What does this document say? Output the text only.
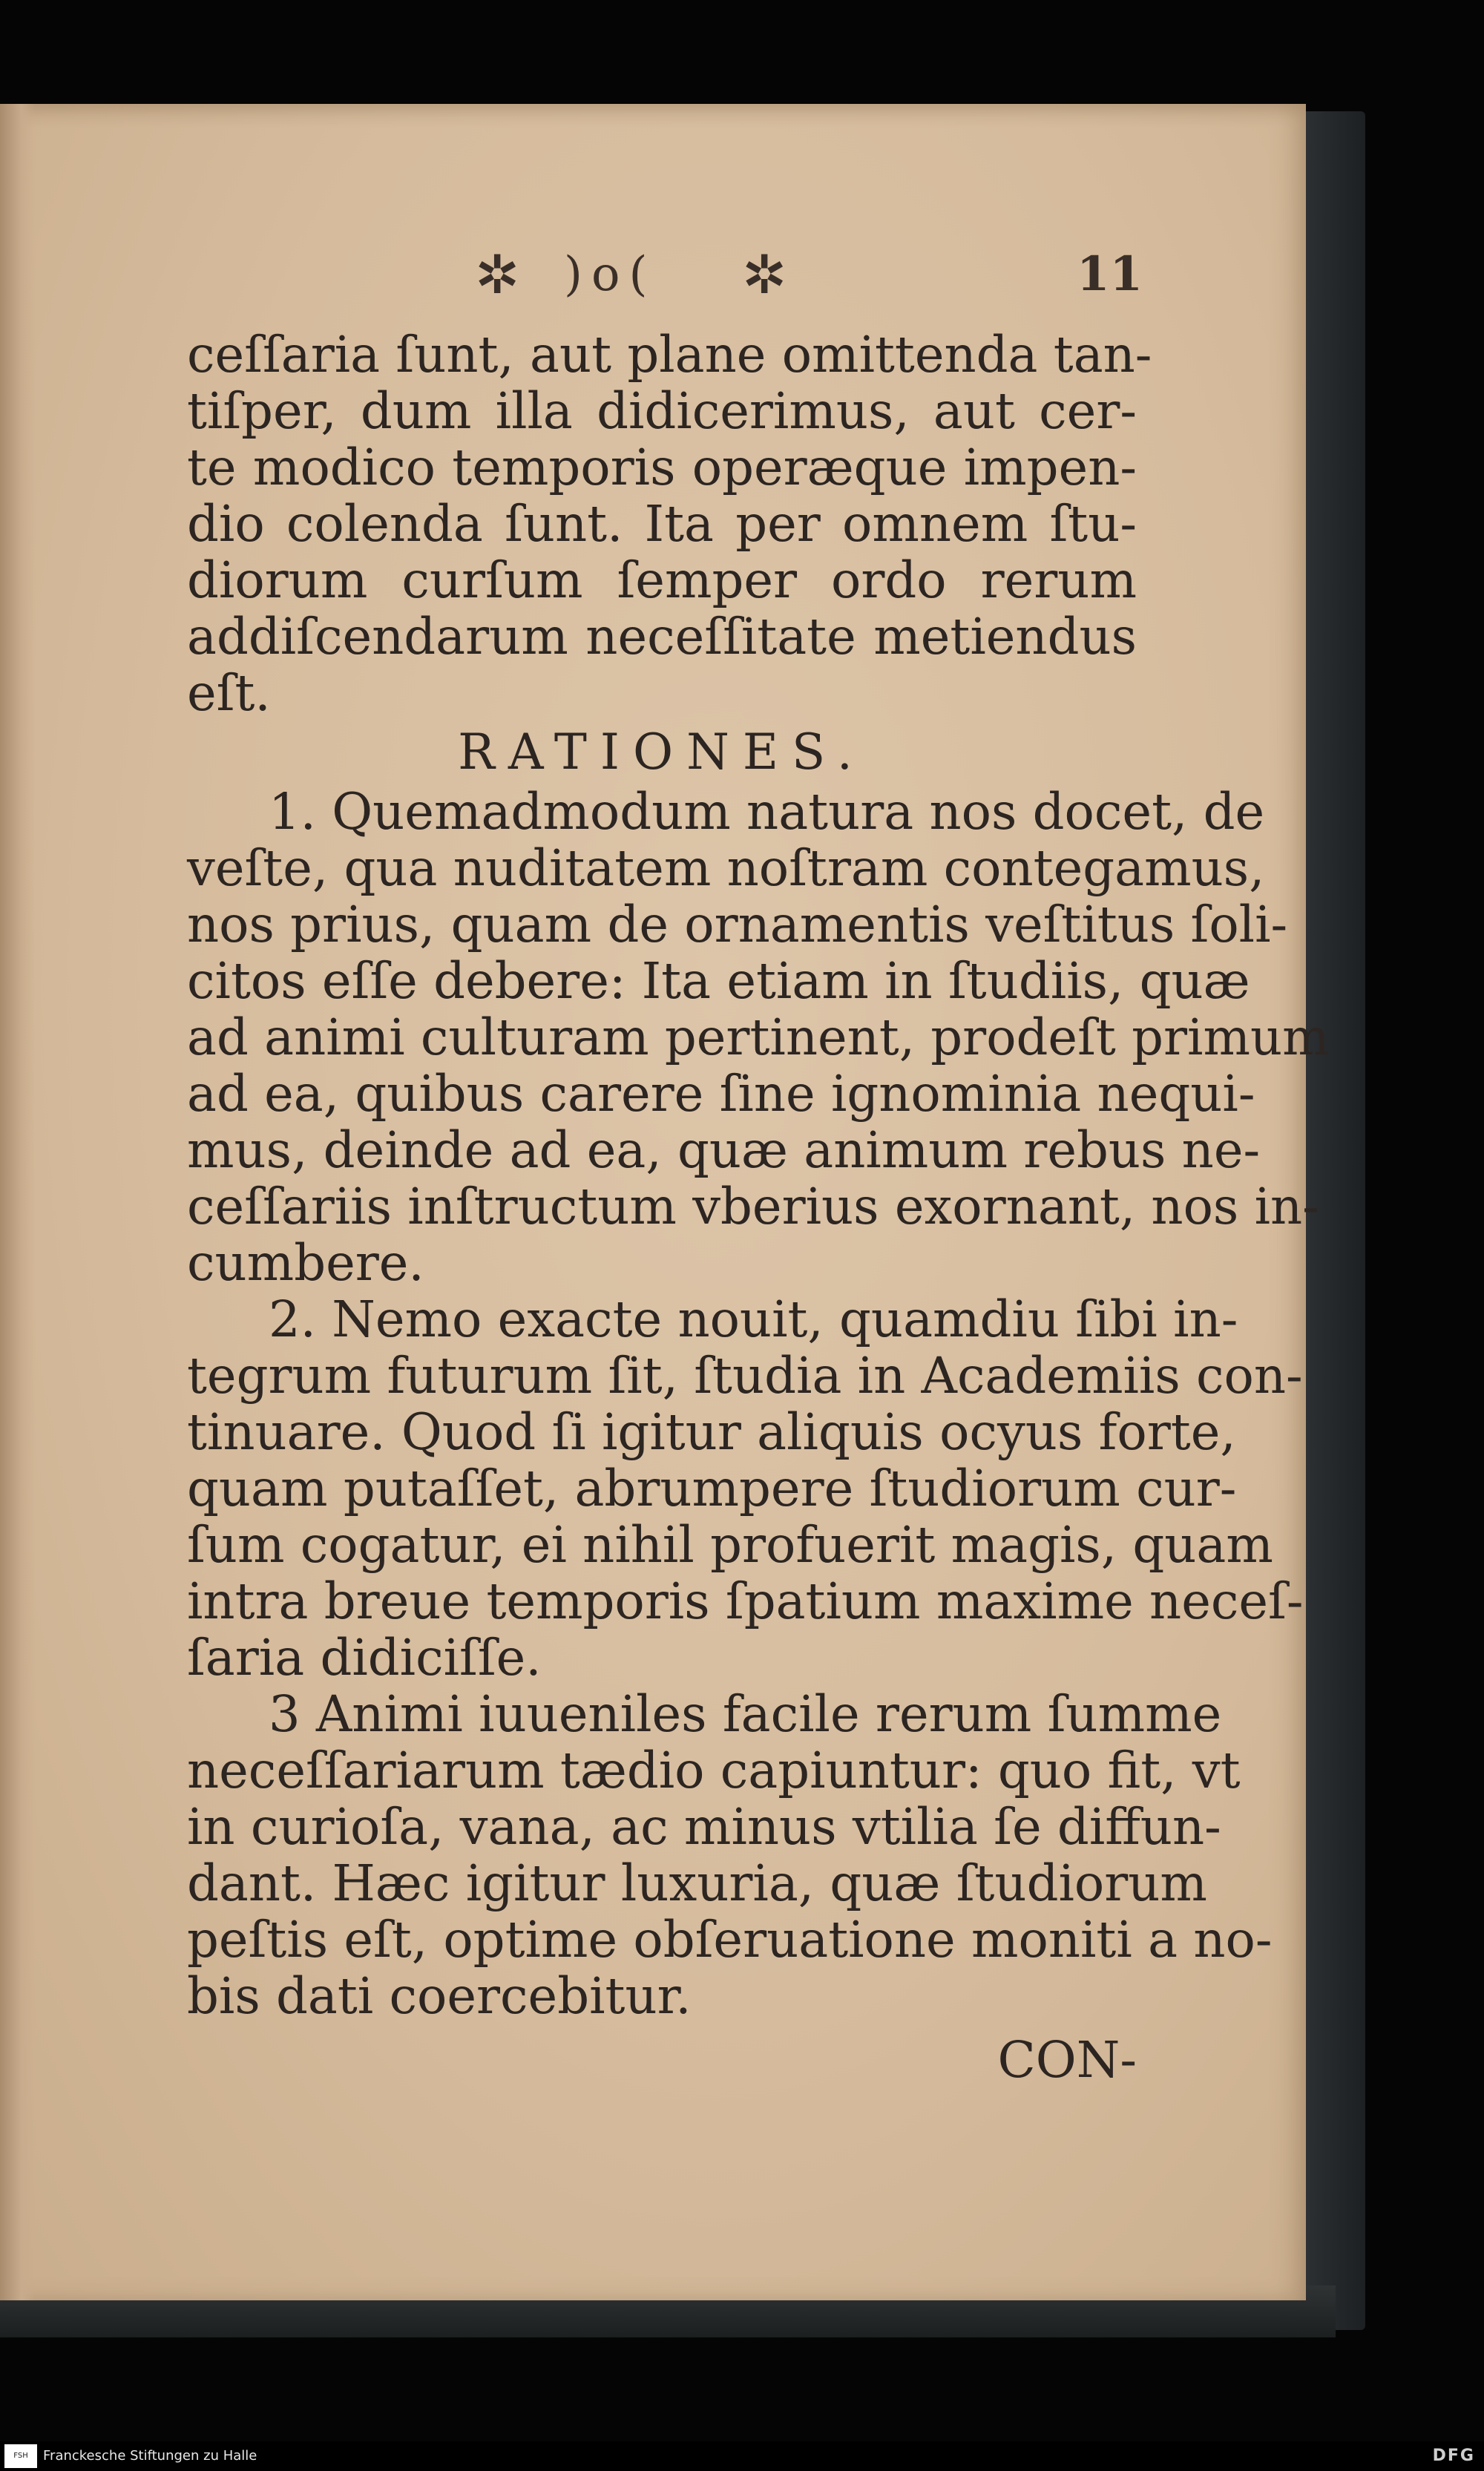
✲ )o( ✲	11
ceſſaria ſunt, aut plane omittenda tan-
tiſper, dum illa didicerimus, aut cer-
te modico temporis operæque impen-
dio colenda ſunt. Ita per omnem ſtu-
diorum curſum ſemper ordo rerum
addiſcendarum neceſſitate metiendus
eſt.
RATIONES.
1. Quemadmodum natura nos docet, de
veſte, qua nuditatem noſtram contegamus,
nos prius, quam de ornamentis veſtitus ſoli-
citos eſſe debere: Ita etiam in ſtudiis, quæ
ad animi culturam pertinent, prodeſt primum
ad ea, quibus carere ſine ignominia nequi-
mus, deinde ad ea, quæ animum rebus ne-
ceſſariis inſtructum vberius exornant, nos in-
cumbere.
2. Nemo exacte nouit, quamdiu ſibi in-
tegrum futurum ſit, ſtudia in Academiis con-
tinuare. Quod ſi igitur aliquis ocyus forte,
quam putaſſet, abrumpere ſtudiorum cur-
ſum cogatur, ei nihil profuerit magis, quam
intra breue temporis ſpatium maxime neceſ-
ſaria didiciſſe.
3 Animi iuueniles facile rerum ſumme
neceſſariarum tædio capiuntur: quo fit, vt
in curioſa, vana, ac minus vtilia ſe diffun-
dant. Hæc igitur luxuria, quæ ſtudiorum
peſtis eſt, optime obſeruatione moniti a no-
bis dati coercebitur.
CON-
FSH	Franckesche Stiftungen zu Halle	DFG
